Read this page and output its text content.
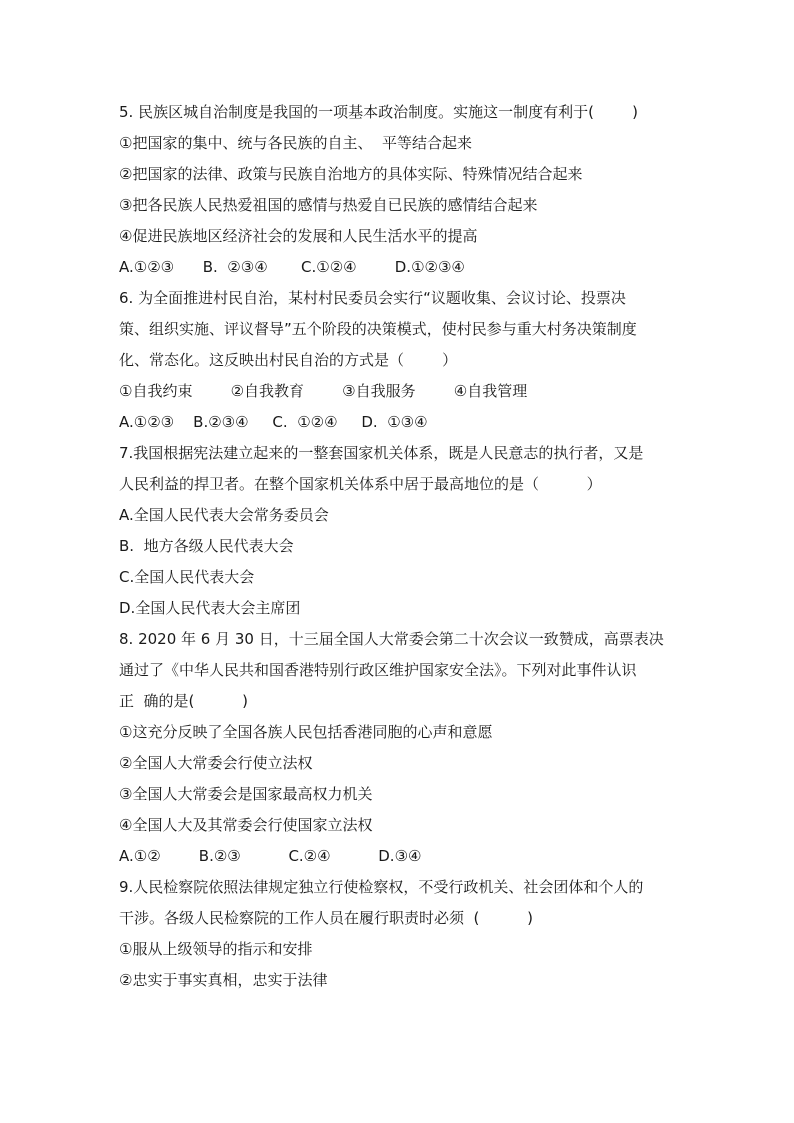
5. 民族区城自治制度是我国的一项基本政治制度。实施这一制度有利于(        )
①把国家的集中、统与各民族的自主、  平等结合起来
②把国家的法律、政策与民族自治地方的具体实际、特殊情况结合起来
③把各民族人民热爱祖国的感情与热爱自已民族的感情结合起来
④促进民族地区经济社会的发展和人民生活水平的提高
A.①②③      B.  ②③④       C.①②④        D.①②③④
6. 为全面推进村民自治，某村村民委员会实行“议题收集、会议讨论、投票决
策、组织实施、评议督导”五个阶段的决策模式，使村民参与重大村务决策制度
化、常态化。这反映出村民自治的方式是（        ）
①自我约束        ②自我教育        ③自我服务        ④自我管理
A.①②③    B.②③④     C.  ①②④     D.  ①③④
7.我国根据宪法建立起来的一整套国家机关体系，既是人民意志的执行者，又是
人民利益的捍卫者。在整个国家机关体系中居于最高地位的是（          ）
A.全国人民代表大会常务委员会
B.  地方各级人民代表大会
C.全国人民代表大会
D.全国人民代表大会主席团
8. 2020 年 6 月 30 日，十三届全国人大常委会第二十次会议一致赞成，高票表决
通过了《中华人民共和国香港特别行政区维护国家安全法》。下列对此事件认识
正  确的是(          )
①这充分反映了全国各族人民包括香港同胞的心声和意愿
②全国人大常委会行使立法权
③全国人大常委会是国家最高权力机关
④全国人大及其常委会行使国家立法权
A.①②        B.②③          C.②④          D.③④
9.人民检察院依照法律规定独立行使检察权，不受行政机关、社会团体和个人的
干涉。各级人民检察院的工作人员在履行职责时必须  (          )
①服从上级领导的指示和安排
②忠实于事实真相，忠实于法律
